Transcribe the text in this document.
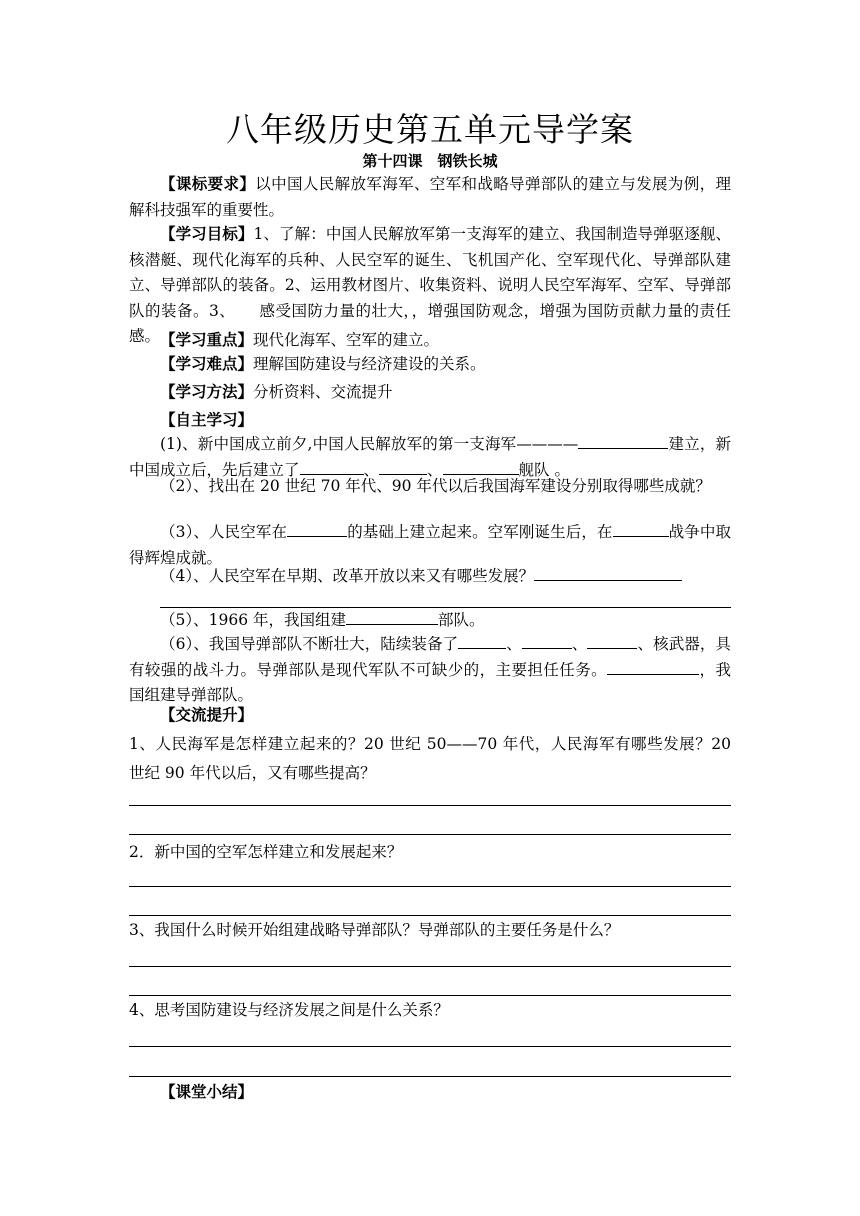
八年级历史第五单元导学案
第十四课　钢铁长城
【课标要求】以中国人民解放军海军、空军和战略导弹部队的建立与发展为例，理解科技强军的重要性。
【学习目标】1、了解：中国人民解放军第一支海军的建立、我国制造导弹驱逐舰、核潜艇、现代化海军的兵种、人民空军的诞生、飞机国产化、空军现代化、导弹部队建立、导弹部队的装备。2、运用教材图片、收集资料、说明人民空军海军、空军、导弹部队的装备。3、　　感受国防力量的壮大，，增强国防观念，增强为国防贡献力量的责任感。 【学习重点】现代化海军、空军的建立。
【学习难点】理解国防建设与经济建设的关系。
【学习方法】分析资料、交流提升
【自主学习】
(1)、新中国成立前夕,中国人民解放军的第一支海军————	建立，新中国成立后，先后建立了	、	、	舰队 。
（2）、找出在 20 世纪 70 年代、90 年代以后我国海军建设分别取得哪些成就？
（3）、人民空军在	的基础上建立起来。空军刚诞生后，在	战争中取得辉煌成就。
（4）、人民空军在早期、改革开放以来又有哪些发展？
（5）、1966 年，我国组建	部队。
（6）、我国导弹部队不断壮大，陆续装备了	、	、	、核武器，具有较强的战斗力。导弹部队是现代军队不可缺少的，主要担任任务。	，我国组建导弹部队。
【交流提升】
1、人民海军是怎样建立起来的？20 世纪 50——70 年代，人民海军有哪些发展？20 世纪 90 年代以后，又有哪些提高？
2．新中国的空军怎样建立和发展起来？
3、我国什么时候开始组建战略导弹部队？导弹部队的主要任务是什么？
4、思考国防建设与经济发展之间是什么关系？
【课堂小结】
